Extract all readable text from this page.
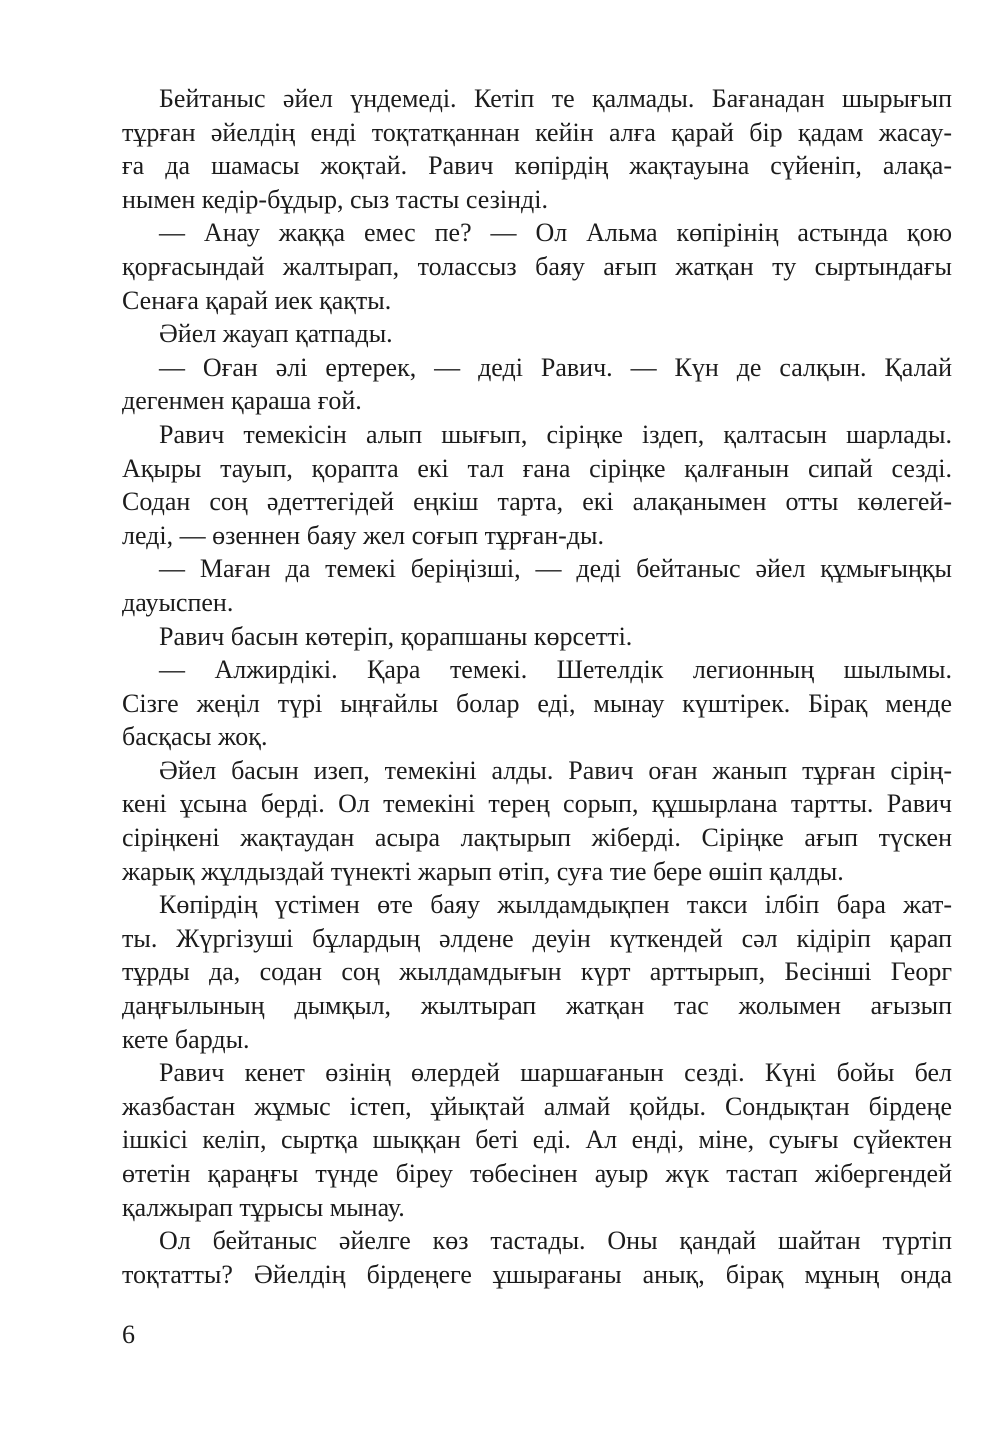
Бейтаныс әйел үндемеді. Кетіп те қалмады. Бағанадан шырығып
тұрған әйелдің енді тоқтатқаннан кейін алға қарай бір қадам жасау-
ға да шамасы жоқтай. Равич көпірдің жақтауына сүйеніп, алақа-
нымен кедір-бұдыр, сыз тасты сезінді.
— Анау жаққа емес пе? — Ол Альма көпірінің астында қою
қорғасындай жалтырап, толассыз баяу ағып жатқан ту сыртындағы
Сенаға қарай иек қақты.
Әйел жауап қатпады.
— Оған әлі ертерек, — деді Равич. — Күн де салқын. Қалай
дегенмен қараша ғой.
Равич темекісін алып шығып, сіріңке іздеп, қалтасын шарлады.
Ақыры тауып, қорапта екі тал ғана сіріңке қалғанын сипай сезді.
Содан соң әдеттегідей еңкіш тарта, екі алақанымен отты көлегей-
леді, — өзеннен баяу жел соғып тұрған-ды.
— Маған да темекі беріңізші, — деді бейтаныс әйел құмығыңқы
дауыспен.
Равич басын көтеріп, қорапшаны көрсетті.
— Алжирдікі. Қара темекі. Шетелдік легионның шылымы.
Сізге жеңіл түрі ыңғайлы болар еді, мынау күштірек. Бірақ менде
басқасы жоқ.
Әйел басын изеп, темекіні алды. Равич оған жанып тұрған сірің-
кені ұсына берді. Ол темекіні терең сорып, құшырлана тартты. Равич
сіріңкені жақтаудан асыра лақтырып жіберді. Сіріңке ағып түскен
жарық жұлдыздай түнекті жарып өтіп, суға тие бере өшіп қалды.
Көпірдің үстімен өте баяу жылдамдықпен такси ілбіп бара жат-
ты. Жүргізуші бұлардың әлдене деуін күткендей сәл кідіріп қарап
тұрды да, содан соң жылдамдығын күрт арттырып, Бесінші Георг
даңғылының дымқыл, жылтырап жатқан тас жолымен ағызып
кете барды.
Равич кенет өзінің өлердей шаршағанын сезді. Күні бойы бел
жазбастан жұмыс істеп, ұйықтай алмай қойды. Сондықтан бірдеңе
ішкісі келіп, сыртқа шыққан беті еді. Ал енді, міне, суығы сүйектен
өтетін қараңғы түнде біреу төбесінен ауыр жүк тастап жібергендей
қалжырап тұрысы мынау.
Ол бейтаныс әйелге көз тастады. Оны қандай шайтан түртіп
тоқтатты? Әйелдің бірдеңеге ұшырағаны анық, бірақ мұның онда
6
